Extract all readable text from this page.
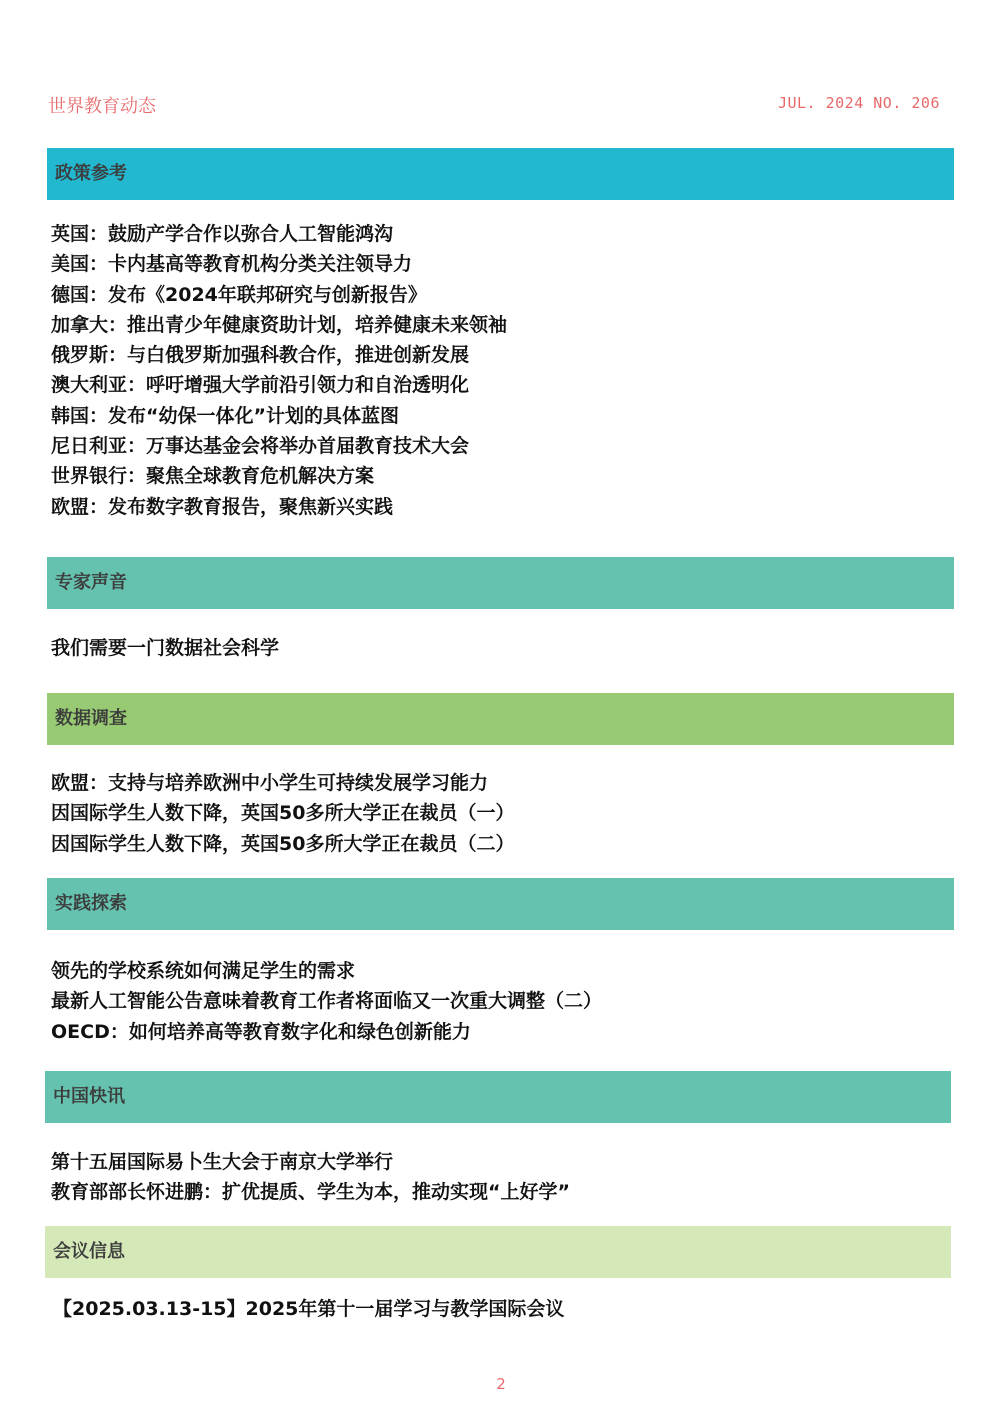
世界教育动态	JUL. 2024 NO. 206
政策参考
英国：鼓励产学合作以弥合人工智能鸿沟
美国：卡内基高等教育机构分类关注领导力
德国：发布《2024年联邦研究与创新报告》
加拿大：推出青少年健康资助计划，培养健康未来领袖
俄罗斯：与白俄罗斯加强科教合作，推进创新发展
澳大利亚：呼吁增强大学前沿引领力和自治透明化
韩国：发布“幼保一体化”计划的具体蓝图
尼日利亚：万事达基金会将举办首届教育技术大会
世界银行：聚焦全球教育危机解决方案
欧盟：发布数字教育报告，聚焦新兴实践
专家声音
我们需要一门数据社会科学
数据调查
欧盟：支持与培养欧洲中小学生可持续发展学习能力
因国际学生人数下降，英国50多所大学正在裁员（一）
因国际学生人数下降，英国50多所大学正在裁员（二）
实践探索
领先的学校系统如何满足学生的需求
最新人工智能公告意味着教育工作者将面临又一次重大调整（二）
OECD：如何培养高等教育数字化和绿色创新能力
中国快讯
第十五届国际易卜生大会于南京大学举行
教育部部长怀进鹏：扩优提质、学生为本，推动实现“上好学”
会议信息
【2025.03.13-15】2025年第十一届学习与教学国际会议
2
